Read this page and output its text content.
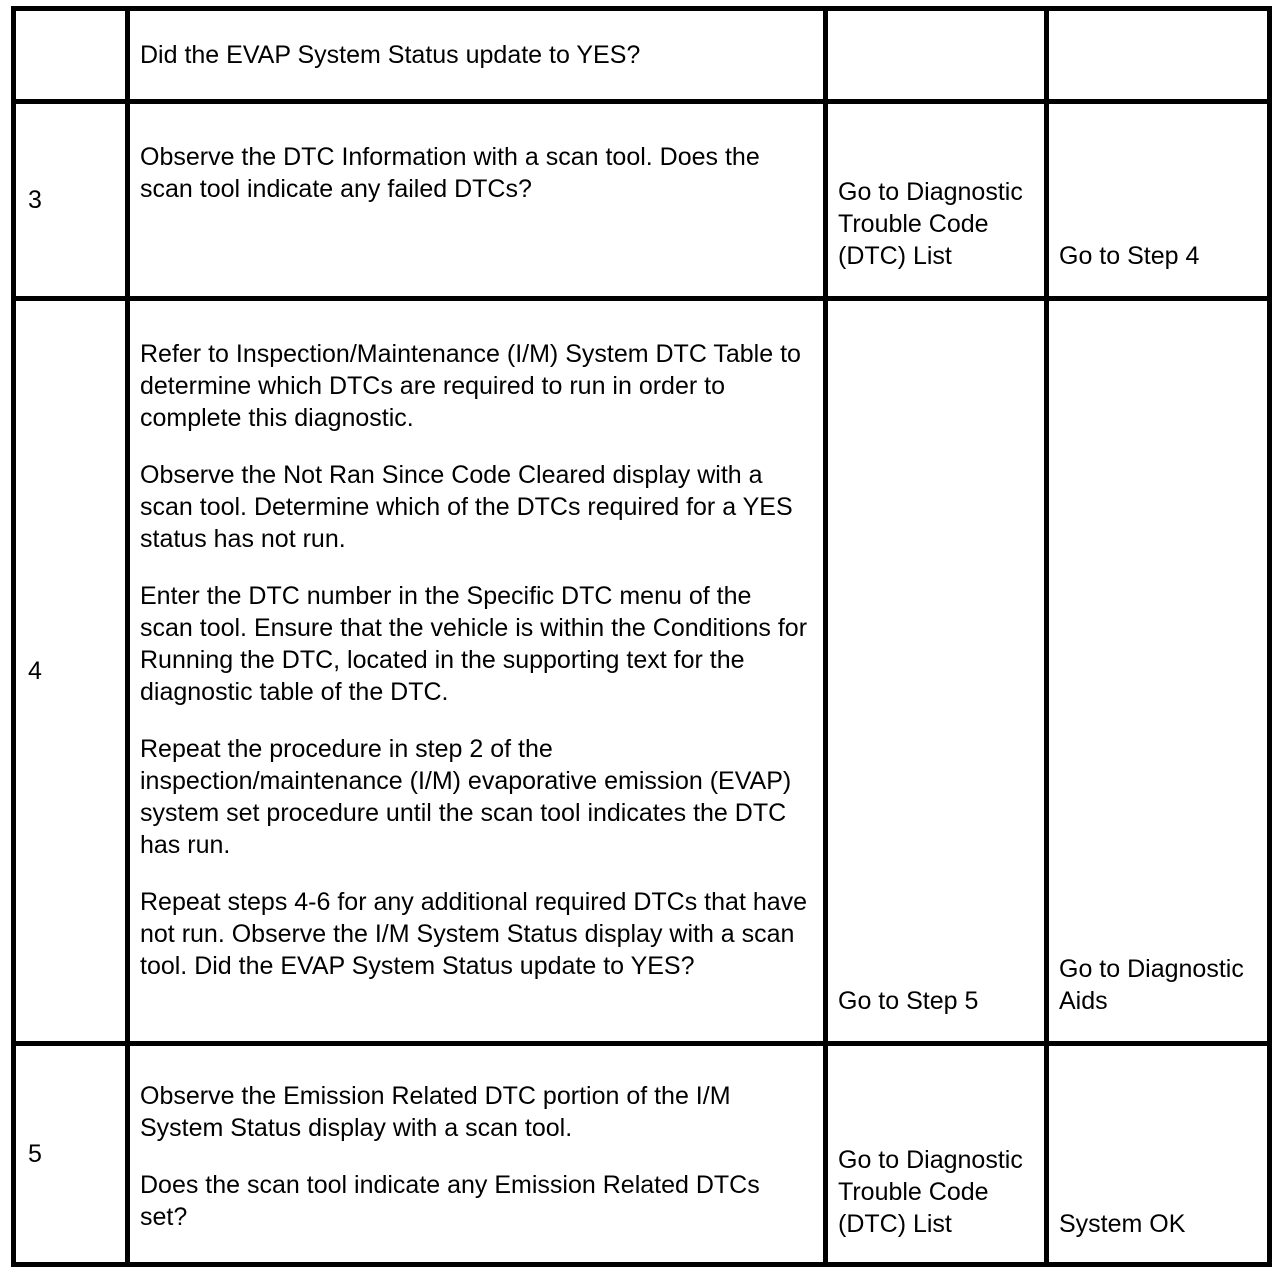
	Did the EVAP System Status update to YES?		

3	Observe the DTC Information with a scan tool. Does the scan tool indicate any failed DTCs?	Go to Diagnostic Trouble Code (DTC) List	Go to Step 4

4	Refer to Inspection/Maintenance (I/M) System DTC Table to determine which DTCs are required to run in order to complete this diagnostic.

Observe the Not Ran Since Code Cleared display with a scan tool. Determine which of the DTCs required for a YES status has not run.

Enter the DTC number in the Specific DTC menu of the scan tool. Ensure that the vehicle is within the Conditions for Running the DTC, located in the supporting text for the diagnostic table of the DTC.

Repeat the procedure in step 2 of the inspection/maintenance (I/M) evaporative emission (EVAP) system set procedure until the scan tool indicates the DTC has run.

Repeat steps 4-6 for any additional required DTCs that have not run. Observe the I/M System Status display with a scan tool. Did the EVAP System Status update to YES?	Go to Step 5	Go to Diagnostic Aids

5	Observe the Emission Related DTC portion of the I/M System Status display with a scan tool.

Does the scan tool indicate any Emission Related DTCs set?	Go to Diagnostic Trouble Code (DTC) List	System OK
